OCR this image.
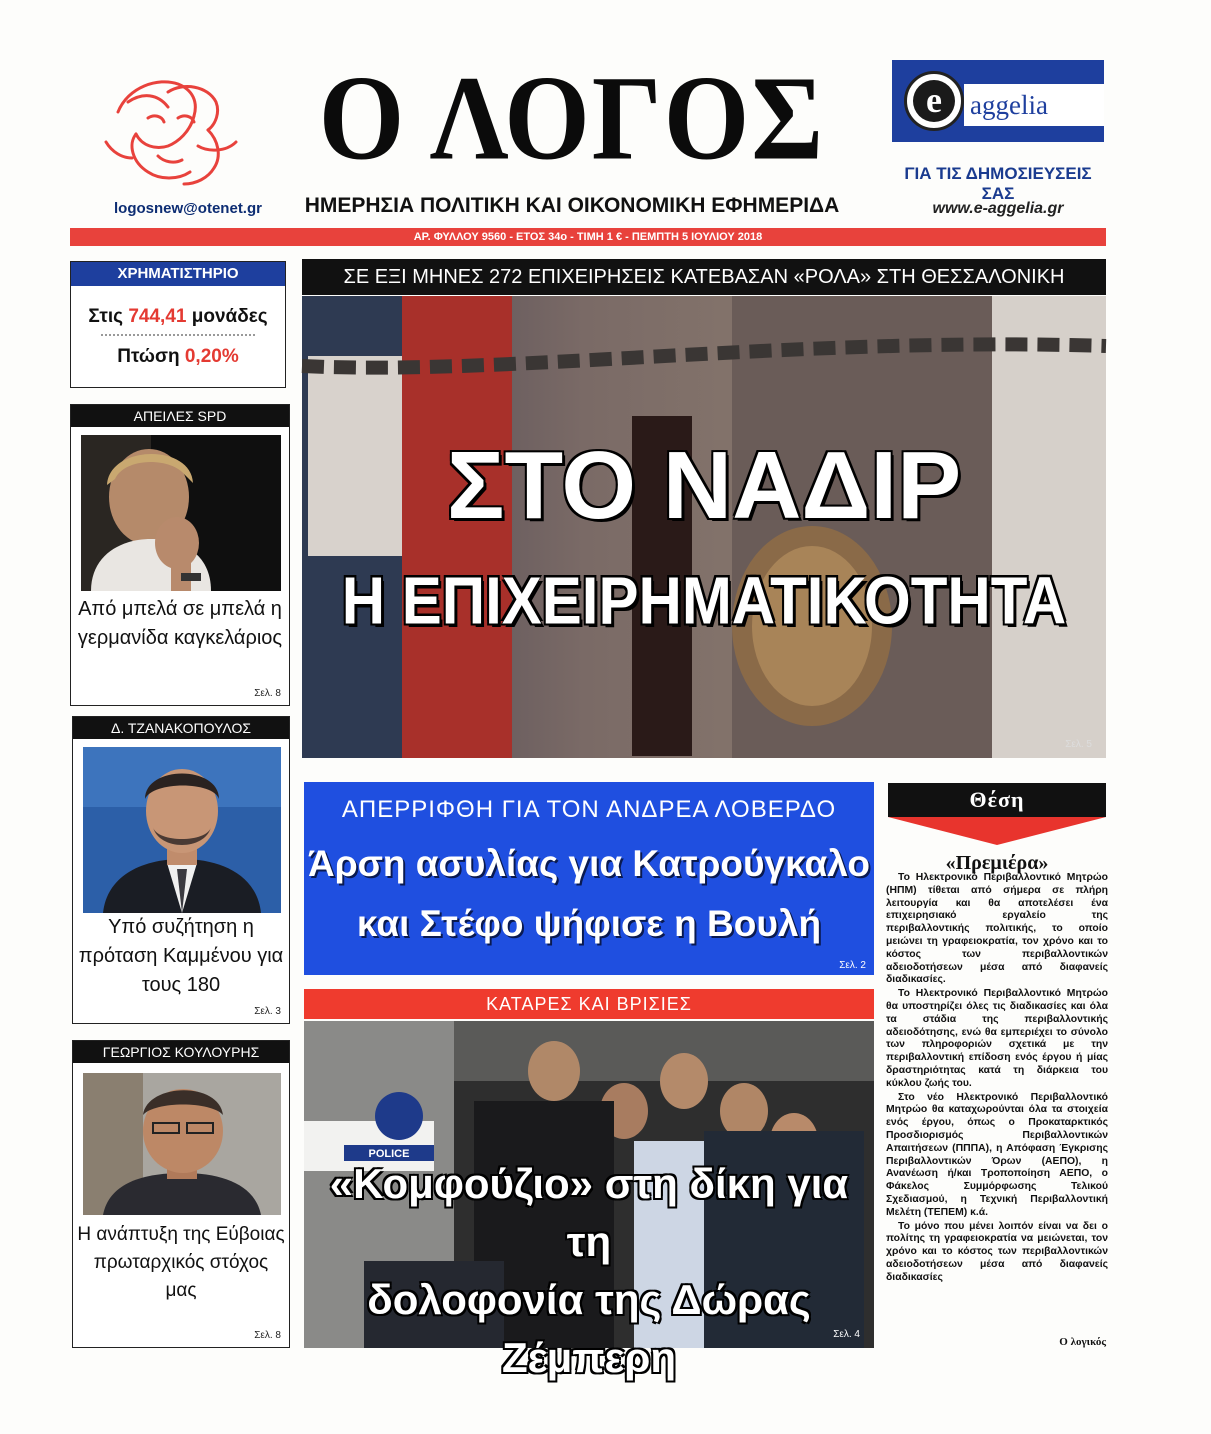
Ο ΛΟΓΟΣ
ΗΜΕΡΗΣΙΑ ΠΟΛΙΤΙΚΗ ΚΑΙ ΟΙΚΟΝΟΜΙΚΗ ΕΦΗΜΕΡΙΔΑ
logosnew@otenet.gr
e	aggelia
ΓΙΑ ΤΙΣ ΔΗΜΟΣΙΕΥΣΕΙΣ ΣΑΣ
www.e-aggelia.gr
ΑΡ. ΦΥΛΛΟΥ 9560 - ΕΤΟΣ 34ο - ΤΙΜΗ 1 € - ΠΕΜΠΤΗ 5 ΙΟΥΛΙΟΥ 2018
ΧΡΗΜΑΤΙΣΤΗΡΙΟ
Στις 744,41 μονάδες
Πτώση 0,20%
ΑΠΕΙΛΕΣ SPD
Από μπελά σε μπελά η γερμανίδα καγκελάριος
Σελ. 8
Δ. ΤΖΑΝΑΚΟΠΟΥΛΟΣ
Υπό συζήτηση η πρόταση Καμμένου για τους 180
Σελ. 3
ΓΕΩΡΓΙΟΣ ΚΟΥΛΟΥΡΗΣ
Η ανάπτυξη της Εύβοιας πρωταρχικός στόχος μας
Σελ. 8
ΣΕ ΕΞΙ ΜΗΝΕΣ 272 ΕΠΙΧΕΙΡΗΣΕΙΣ ΚΑΤΕΒΑΣΑΝ «ΡΟΛΑ» ΣΤΗ ΘΕΣΣΑΛΟΝΙΚΗ
ΣΤΟ ΝΑΔΙΡ
Η ΕΠΙΧΕΙΡΗΜΑΤΙΚΟΤΗΤΑ
Σελ. 5
ΑΠΕΡΡΙΦΘΗ ΓΙΑ ΤΟΝ ΑΝΔΡΕΑ ΛΟΒΕΡΔΟ
Άρση ασυλίας για Κατρούγκαλο
και Στέφο ψήφισε η Βουλή
Σελ. 2
ΚΑΤΑΡΕΣ ΚΑΙ ΒΡΙΣΙΕΣ
POLICE
«Κομφούζιο» στη δίκη για τη
δολοφονία της Δώρας Ζέμπερη	Σελ. 4
Θέση
«Πρεμιέρα»

Το Ηλεκτρονικό Περιβαλλοντικό Μητρώο (ΗΠΜ) τίθεται από σήμερα σε πλήρη λειτουργία και θα αποτελέσει ένα επιχειρησιακό εργαλείο της περιβαλλοντικής πολιτικής, το οποίο μειώνει τη γραφειοκρατία, τον χρόνο και το κόστος των περιβαλλοντικών αδειοδοτήσεων μέσα από διαφανείς διαδικασίες.

Το Ηλεκτρονικό Περιβαλλοντικό Μητρώο θα υποστηρίζει όλες τις διαδικασίες και όλα τα στάδια της περιβαλλοντικής αδειοδότησης, ενώ θα εμπεριέχει το σύνολο των πληροφοριών σχετικά με την περιβαλλοντική επίδοση ενός έργου ή μίας δραστηριότητας κατά τη διάρκεια του κύκλου ζωής του.

Στο νέο Ηλεκτρονικό Περιβαλλοντικό Μητρώο θα καταχωρούνται όλα τα στοιχεία ενός έργου, όπως ο Προκαταρκτικός Προσδιορισμός Περιβαλλοντικών Απαιτήσεων (ΠΠΠΑ), η Απόφαση Έγκρισης Περιβαλλοντικών Όρων (ΑΕΠΟ), η Ανανέωση ή/και Τροποποίηση ΑΕΠΟ, ο Φάκελος Συμμόρφωσης Τελικού Σχεδιασμού, η Τεχνική Περιβαλλοντική Μελέτη (ΤΕΠΕΜ) κ.ά.

Το μόνο που μένει λοιπόν είναι να δει ο πολίτης τη γραφειοκρατία να μειώνεται, τον χρόνο και το κόστος των περιβαλλοντικών αδειοδοτήσεων μέσα από διαφανείς διαδικασίες

Ο λογικός
